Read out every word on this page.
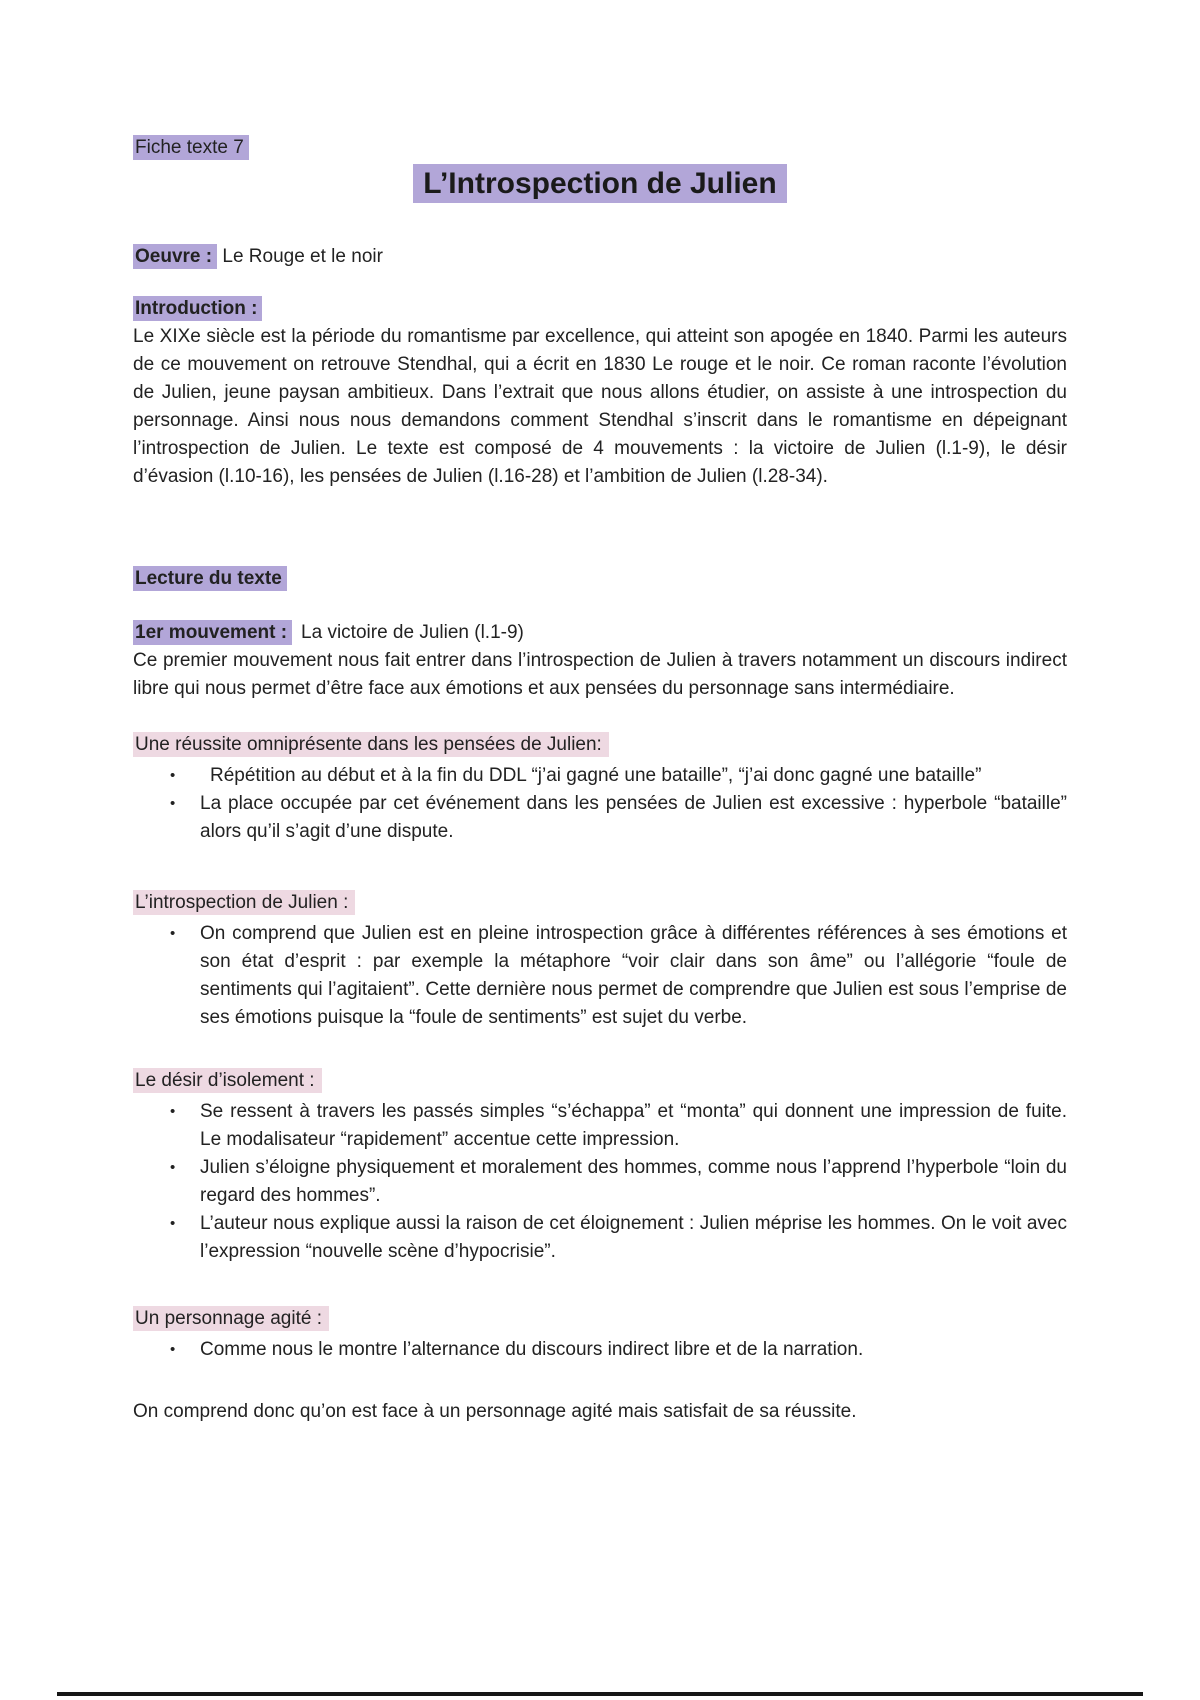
Fiche texte 7

L’Introspection de Julien

Oeuvre : Le Rouge et le noir

Introduction :

Le XIXe siècle est la période du romantisme par excellence, qui atteint son apogée en 1840. Parmi les auteurs de ce mouvement on retrouve Stendhal, qui a écrit en 1830 Le rouge et le noir. Ce roman raconte l’évolution de Julien, jeune paysan ambitieux. Dans l’extrait que nous allons étudier, on assiste à une introspection du personnage. Ainsi nous nous demandons comment Stendhal s’inscrit dans le romantisme en dépeignant l’introspection de Julien. Le texte est composé de 4 mouvements : la victoire de Julien (l.1-9), le désir d’évasion (l.10-16), les pensées de Julien (l.16-28) et l’ambition de Julien (l.28-34).

Lecture du texte

1er mouvement : La victoire de Julien (l.1-9)

Ce premier mouvement nous fait entrer dans l’introspection de Julien à travers notamment un discours indirect libre qui nous permet d’être face aux émotions et aux pensées du personnage sans intermédiaire.

Une réussite omniprésente dans les pensées de Julien:

•	Répétition au début et à la fin du DDL “j’ai gagné une bataille”, “j’ai donc gagné une bataille”
•	La place occupée par cet événement dans les pensées de Julien est excessive : hyperbole “bataille” alors qu’il s’agit d’une dispute.

L’introspection de Julien :

•	On comprend que Julien est en pleine introspection grâce à différentes références à ses émotions et son état d’esprit : par exemple la métaphore “voir clair dans son âme” ou l’allégorie “foule de sentiments qui l’agitaient”. Cette dernière nous permet de comprendre que Julien est sous l’emprise de ses émotions puisque la “foule de sentiments” est sujet du verbe.

Le désir d’isolement :

•	Se ressent à travers les passés simples “s’échappa” et “monta” qui donnent une impression de fuite. Le modalisateur “rapidement” accentue cette impression.
•	Julien s’éloigne physiquement et moralement des hommes, comme nous l’apprend l’hyperbole “loin du regard des hommes”.
•	L’auteur nous explique aussi la raison de cet éloignement : Julien méprise les hommes. On le voit avec l’expression “nouvelle scène d’hypocrisie”.

Un personnage agité :

•	Comme nous le montre l’alternance du discours indirect libre et de la narration.

On comprend donc qu’on est face à un personnage agité mais satisfait de sa réussite.
